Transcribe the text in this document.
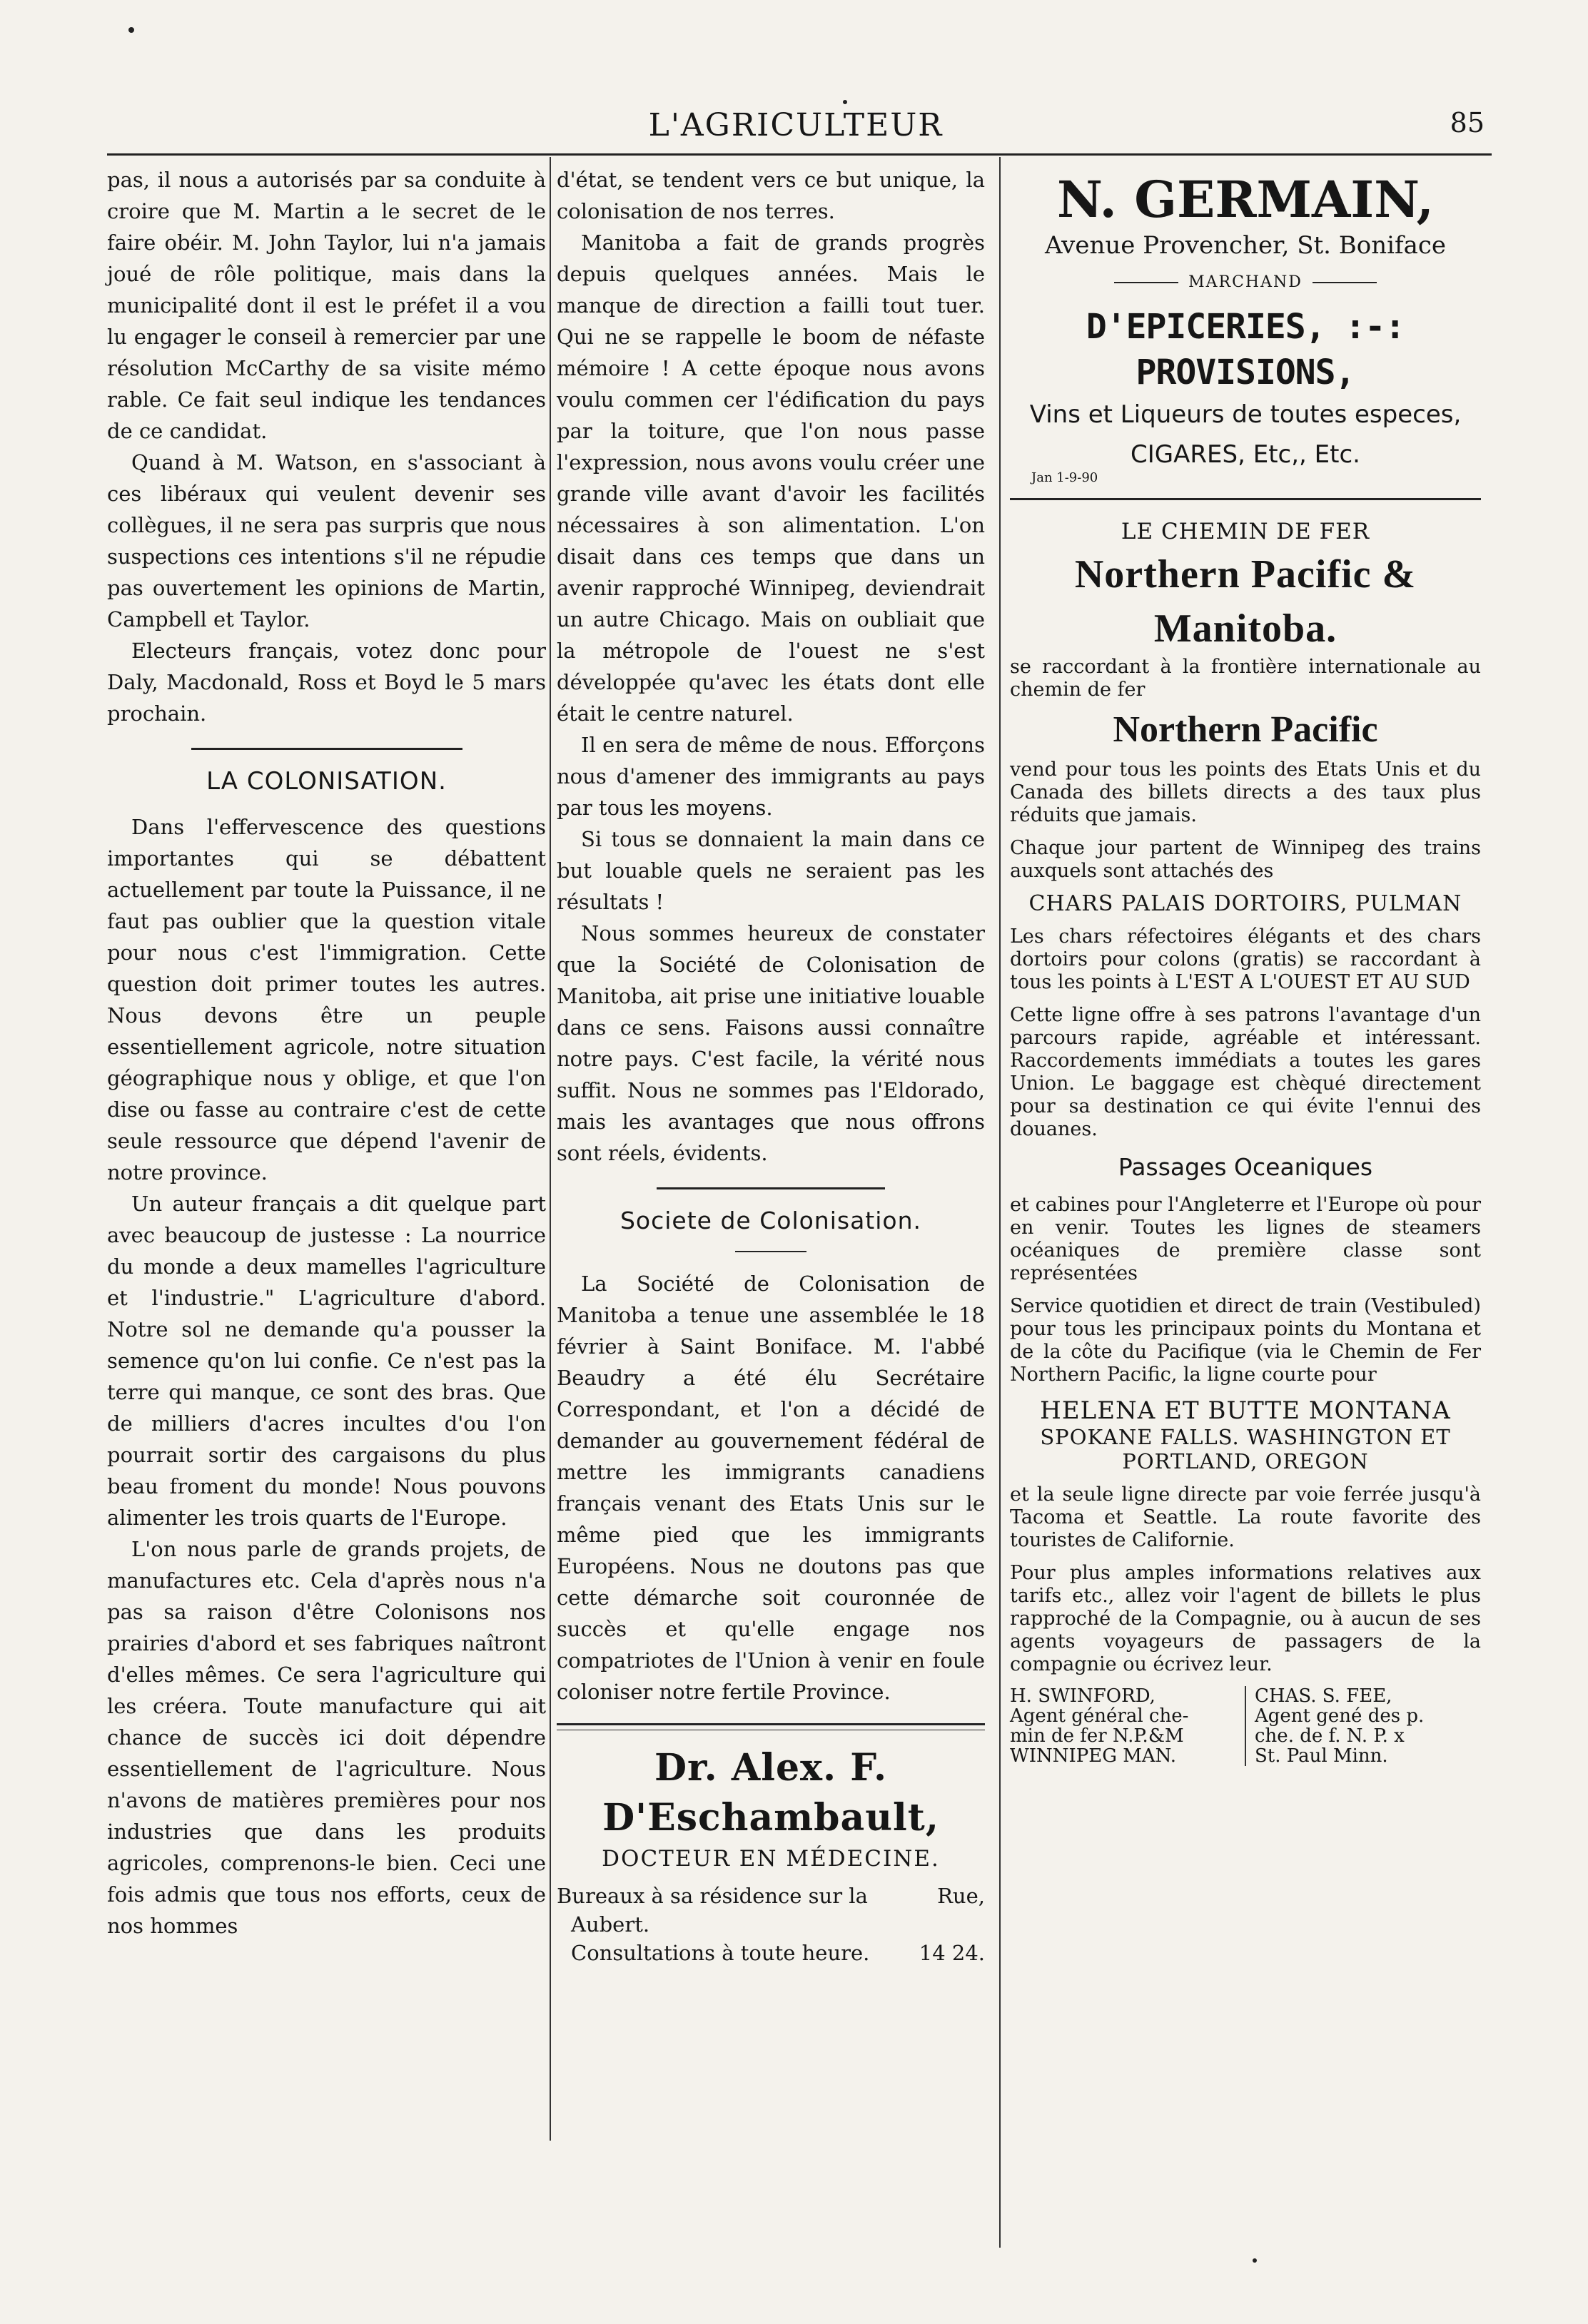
L'AGRICULTEUR	85

pas, il nous a autorisés par sa conduite à croire que M. Martin a le secret de le faire obéir. M. John Taylor, lui n'a jamais joué de rôle politique, mais dans la municipalité dont il est le préfet il a vou lu engager le conseil à remercier par une résolution McCarthy de sa visite mémo rable. Ce fait seul indique les tendances de ce candidat.

Quand à M. Watson, en s'associant à ces libéraux qui veulent devenir ses collègues, il ne sera pas surpris que nous suspections ces intentions s'il ne répudie pas ouvertement les opinions de Martin, Campbell et Taylor.

Electeurs français, votez donc pour Daly, Macdonald, Ross et Boyd le 5 mars prochain.

LA COLONISATION.

Dans l'effervescence des questions importantes qui se débattent actuellement par toute la Puissance, il ne faut pas oublier que la question vitale pour nous c'est l'immigration. Cette question doit primer toutes les autres. Nous devons être un peuple essentiellement agricole, notre situation géographique nous y oblige, et que l'on dise ou fasse au contraire c'est de cette seule ressource que dépend l'avenir de notre province.

Un auteur français a dit quelque part avec beaucoup de justesse : La nourrice du monde a deux mamelles l'agriculture et l'industrie." L'agriculture d'abord. Notre sol ne demande qu'a pousser la semence qu'on lui confie. Ce n'est pas la terre qui manque, ce sont des bras. Que de milliers d'acres incultes d'ou l'on pourrait sortir des cargaisons du plus beau froment du monde! Nous pouvons alimenter les trois quarts de l'Europe.

L'on nous parle de grands projets, de manufactures etc. Cela d'après nous n'a pas sa raison d'être Colonisons nos prairies d'abord et ses fabriques naîtront d'elles mêmes. Ce sera l'agriculture qui les créera. Toute manufacture qui ait chance de succès ici doit dépendre essentiellement de l'agriculture. Nous n'avons de matières premières pour nos industries que dans les produits agricoles, comprenons-le bien. Ceci une fois admis que tous nos efforts, ceux de nos hommes

d'état, se tendent vers ce but unique, la colonisation de nos terres.

Manitoba a fait de grands progrès depuis quelques années. Mais le manque de direction a failli tout tuer. Qui ne se rappelle le boom de néfaste mémoire ! A cette époque nous avons voulu commen cer l'édification du pays par la toiture, que l'on nous passe l'expression, nous avons voulu créer une grande ville avant d'avoir les facilités nécessaires à son alimentation. L'on disait dans ces temps que dans un avenir rapproché Winnipeg, deviendrait un autre Chicago. Mais on oubliait que la métropole de l'ouest ne s'est développée qu'avec les états dont elle était le centre naturel.

Il en sera de même de nous. Efforçons nous d'amener des immigrants au pays par tous les moyens.

Si tous se donnaient la main dans ce but louable quels ne seraient pas les résultats !

Nous sommes heureux de constater que la Société de Colonisation de Manitoba, ait prise une initiative louable dans ce sens. Faisons aussi connaître notre pays. C'est facile, la vérité nous suffit. Nous ne sommes pas l'Eldorado, mais les avantages que nous offrons sont réels, évidents.

Societe de Colonisation.

La Société de Colonisation de Manitoba a tenue une assemblée le 18 février à Saint Boniface. M. l'abbé Beaudry a été élu Secrétaire Correspondant, et l'on a décidé de demander au gouvernement fédéral de mettre les immigrants canadiens français venant des Etats Unis sur le même pied que les immigrants Européens. Nous ne doutons pas que cette démarche soit couronnée de succès et qu'elle engage nos compatriotes de l'Union à venir en foule coloniser notre fertile Province.

Dr. Alex. F. D'Eschambault,
DOCTEUR EN MÉDECINE.
Bureaux à sa résidence sur la	Rue,
Aubert.
Consultations à toute heure. 14 24.
N. GERMAIN,
Avenue Provencher, St. Boniface
MARCHAND
D'EPICERIES, :-: PROVISIONS,
Vins et Liqueurs de toutes especes,
CIGARES, Etc,, Etc.
Jan 1-9-90
LE CHEMIN DE FER
Northern Pacific & Manitoba.
se raccordant à la frontière internationale au chemin de fer
Northern Pacific
vend pour tous les points des Etats Unis et du Canada des billets directs a des taux plus réduits que jamais.
Chaque jour partent de Winnipeg des trains auxquels sont attachés des
CHARS PALAIS DORTOIRS, PULMAN
Les chars réfectoires élégants et des chars dortoirs pour colons (gratis) se raccordant à tous les points à L'EST A L'OUEST ET AU SUD
Cette ligne offre à ses patrons l'avantage d'un parcours rapide, agréable et intéressant. Raccordements immédiats a toutes les gares Union. Le baggage est chèqué directement pour sa destination ce qui évite l'ennui des douanes.
Passages Oceaniques
et cabines pour l'Angleterre et l'Europe où pour en venir. Toutes les lignes de steamers océaniques de première classe sont représentées
Service quotidien et direct de train (Vestibuled) pour tous les principaux points du Montana et de la côte du Pacifique (via le Chemin de Fer Northern Pacific, la ligne courte pour
HELENA ET BUTTE MONTANA
SPOKANE FALLS. WASHINGTON ET PORTLAND, OREGON
et la seule ligne directe par voie ferrée jusqu'à Tacoma et Seattle. La route favorite des touristes de Californie.
Pour plus amples informations relatives aux tarifs etc., allez voir l'agent de billets le plus rapproché de la Compagnie, ou à aucun de ses agents voyageurs de passagers de la compagnie ou écrivez leur.
H. SWINFORD,
Agent général che-
min de fer N.P.&M
WINNIPEG MAN.
CHAS. S. FEE,
Agent gené des p.
che. de f. N. P. x
St. Paul Minn.
